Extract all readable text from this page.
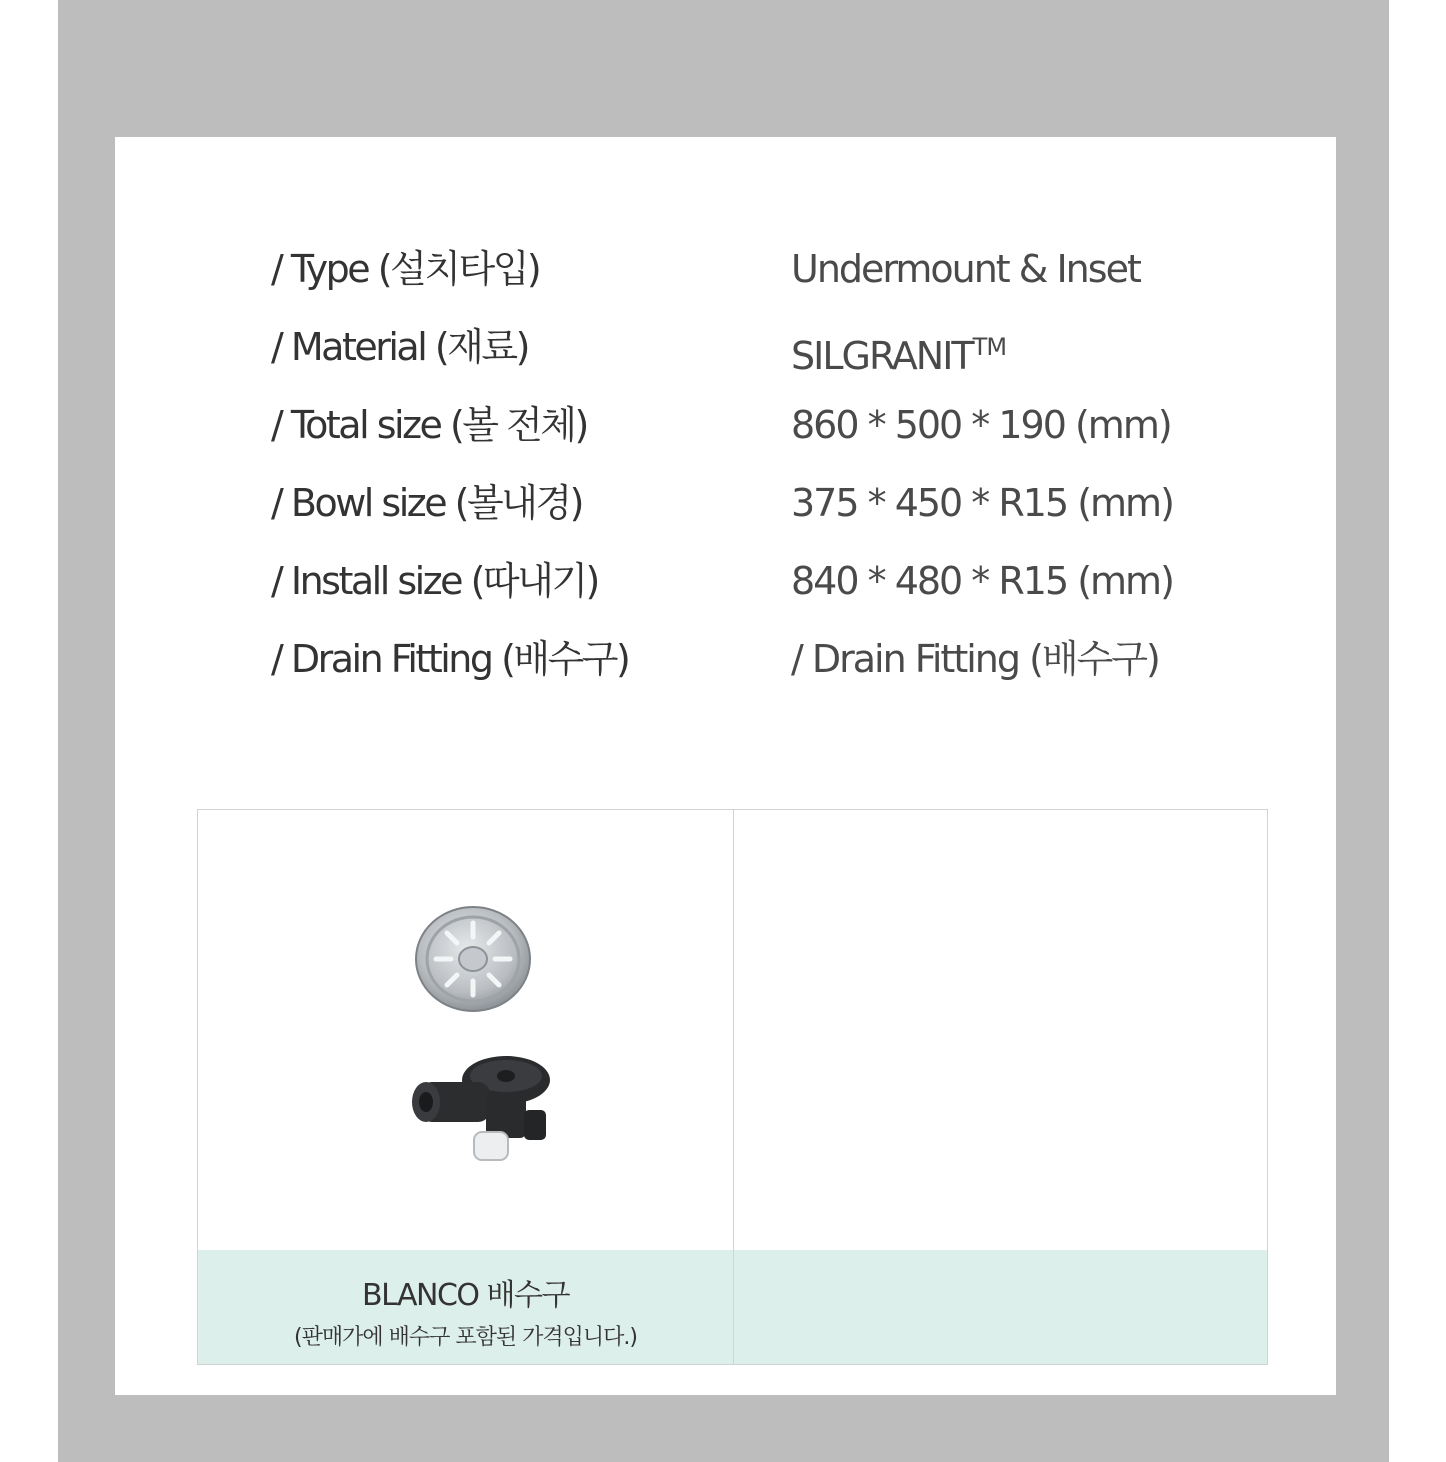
/ Type (설치타입)	Undermount & Inset
/ Material (재료)	SILGRANIT™
/ Total size (볼 전체)	860 * 500 * 190 (mm)
/ Bowl size (볼내경)	375 * 450 * R15 (mm)
/ Install size (따내기)	840 * 480 * R15 (mm)
/ Drain Fitting (배수구)	/ Drain Fitting (배수구)
BLANCO 배수구
(판매가에 배수구 포함된 가격입니다.)
